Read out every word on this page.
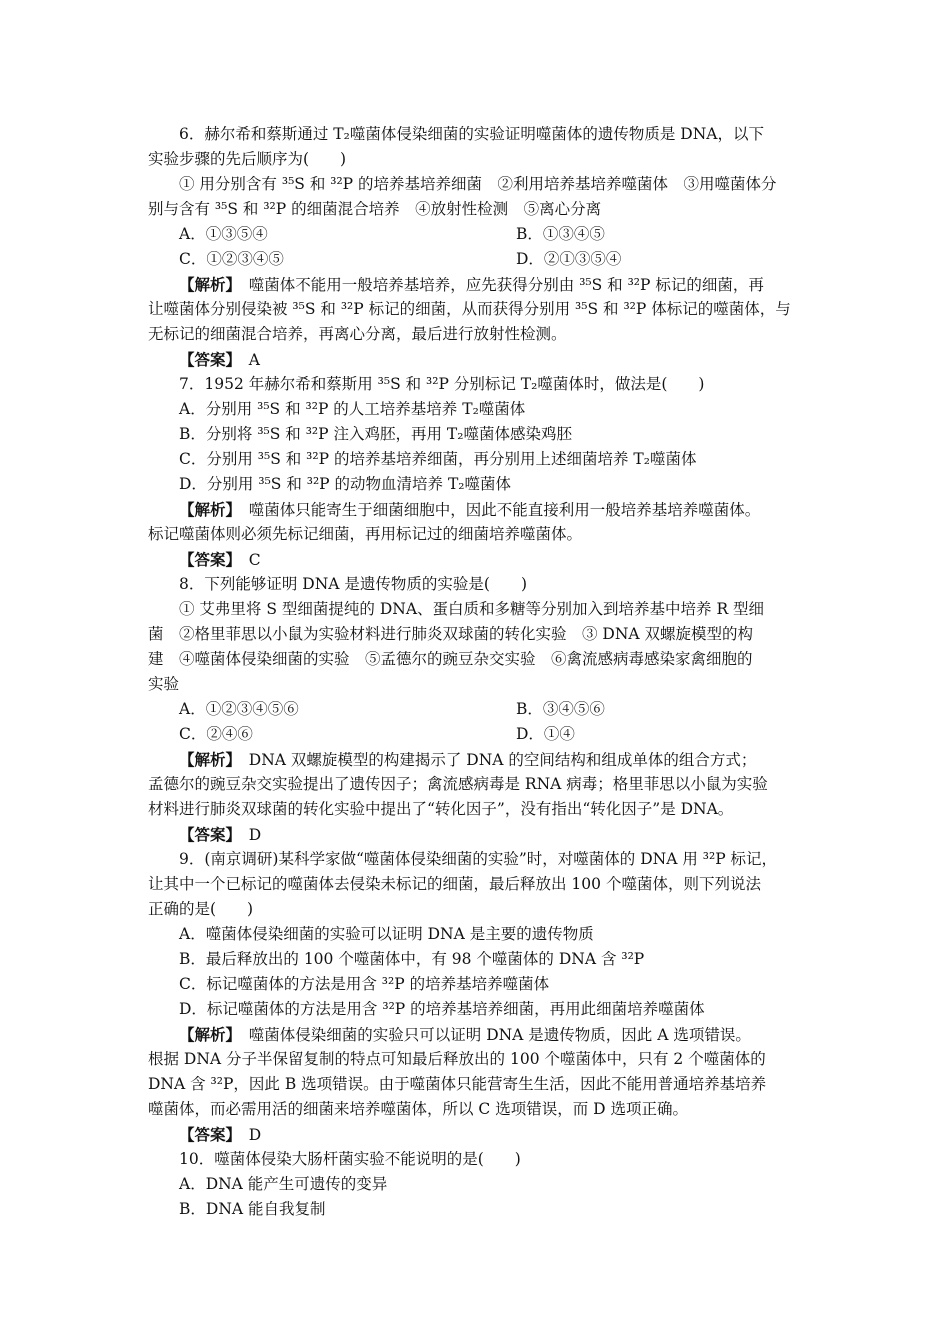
6．赫尔希和蔡斯通过 T₂噬菌体侵染细菌的实验证明噬菌体的遗传物质是 DNA，以下
实验步骤的先后顺序为(　　)
① 用分别含有 ³⁵S 和 ³²P 的培养基培养细菌　②利用培养基培养噬菌体　③用噬菌体分
别与含有 ³⁵S 和 ³²P 的细菌混合培养　④放射性检测　⑤离心分离
A．①③⑤④	B．①③④⑤
C．①②③④⑤	D．②①③⑤④
【解析】　噬菌体不能用一般培养基培养，应先获得分别由 ³⁵S 和 ³²P 标记的细菌，再
让噬菌体分别侵染被 ³⁵S 和 ³²P 标记的细菌，从而获得分别用 ³⁵S 和 ³²P 体标记的噬菌体，与
无标记的细菌混合培养，再离心分离，最后进行放射性检测。
【答案】　A
7．1952 年赫尔希和蔡斯用 ³⁵S 和 ³²P 分别标记 T₂噬菌体时，做法是(　　)
A．分别用 ³⁵S 和 ³²P 的人工培养基培养 T₂噬菌体
B．分别将 ³⁵S 和 ³²P 注入鸡胚，再用 T₂噬菌体感染鸡胚
C．分别用 ³⁵S 和 ³²P 的培养基培养细菌，再分别用上述细菌培养 T₂噬菌体
D．分别用 ³⁵S 和 ³²P 的动物血清培养 T₂噬菌体
【解析】　噬菌体只能寄生于细菌细胞中，因此不能直接利用一般培养基培养噬菌体。
标记噬菌体则必须先标记细菌，再用标记过的细菌培养噬菌体。
【答案】　C
8．下列能够证明 DNA 是遗传物质的实验是(　　)
① 艾弗里将 S 型细菌提纯的 DNA、蛋白质和多糖等分别加入到培养基中培养 R 型细
菌　②格里菲思以小鼠为实验材料进行肺炎双球菌的转化实验　③ DNA 双螺旋模型的构
建　④噬菌体侵染细菌的实验　⑤孟德尔的豌豆杂交实验　⑥禽流感病毒感染家禽细胞的
实验
A．①②③④⑤⑥	B．③④⑤⑥
C．②④⑥	D．①④
【解析】　DNA 双螺旋模型的构建揭示了 DNA 的空间结构和组成单体的组合方式；
孟德尔的豌豆杂交实验提出了遗传因子；禽流感病毒是 RNA 病毒；格里菲思以小鼠为实验
材料进行肺炎双球菌的转化实验中提出了“转化因子”，没有指出“转化因子”是 DNA。
【答案】　D
9．(南京调研)某科学家做“噬菌体侵染细菌的实验”时，对噬菌体的 DNA 用 ³²P 标记，
让其中一个已标记的噬菌体去侵染未标记的细菌，最后释放出 100 个噬菌体，则下列说法
正确的是(　　)
A．噬菌体侵染细菌的实验可以证明 DNA 是主要的遗传物质
B．最后释放出的 100 个噬菌体中，有 98 个噬菌体的 DNA 含 ³²P
C．标记噬菌体的方法是用含 ³²P 的培养基培养噬菌体
D．标记噬菌体的方法是用含 ³²P 的培养基培养细菌，再用此细菌培养噬菌体
【解析】　噬菌体侵染细菌的实验只可以证明 DNA 是遗传物质，因此 A 选项错误。
根据 DNA 分子半保留复制的特点可知最后释放出的 100 个噬菌体中，只有 2 个噬菌体的
DNA 含 ³²P，因此 B 选项错误。由于噬菌体只能营寄生生活，因此不能用普通培养基培养
噬菌体，而必需用活的细菌来培养噬菌体，所以 C 选项错误，而 D 选项正确。
【答案】　D
10．噬菌体侵染大肠杆菌实验不能说明的是(　　)
A．DNA 能产生可遗传的变异
B．DNA 能自我复制
